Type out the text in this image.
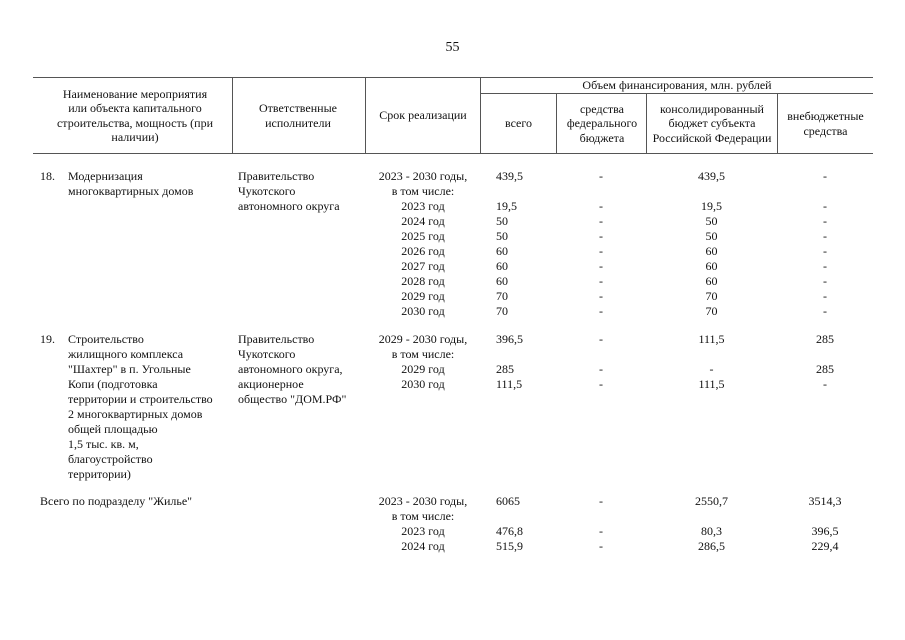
55
Наименование мероприятия или объекта капитального строительства, мощность (при наличии)
Ответственные исполнители
Срок реализации
Объем финансирования, млн. рублей
всего
средства федерального бюджета
консолидированный бюджет субъекта Российской Федерации
внебюджетные средства
18. Модернизация
многоквартирных домов
Правительство
Чукотского
автономного округа
2023 - 2030 годы,
в том числе:
2023 год
2024 год
2025 год
2026 год
2027 год
2028 год
2029 год
2030 год
439,5
19,5
50
50
60
60
60
70
70
-
-
-
-
-
-
-
-
-
439,5
19,5
50
50
60
60
60
70
70
-
-
-
-
-
-
-
-
-
19. Строительство
жилищного комплекса
"Шахтер" в п. Угольные
Копи (подготовка
территории и строительство
2 многоквартирных домов
общей площадью
1,5 тыс. кв. м,
благоустройство
территории)
Правительство
Чукотского
автономного округа,
акционерное
общество "ДОМ.РФ"
2029 - 2030 годы,
в том числе:
2029 год
2030 год
396,5
285
111,5
-
-
-
111,5
-
111,5
285
285
-
Всего по подразделу "Жилье"	2023 - 2030 годы,
в том числе:
2023 год
2024 год
6065
476,8
515,9
-
-
-
2550,7
80,3
286,5
3514,3
396,5
229,4
